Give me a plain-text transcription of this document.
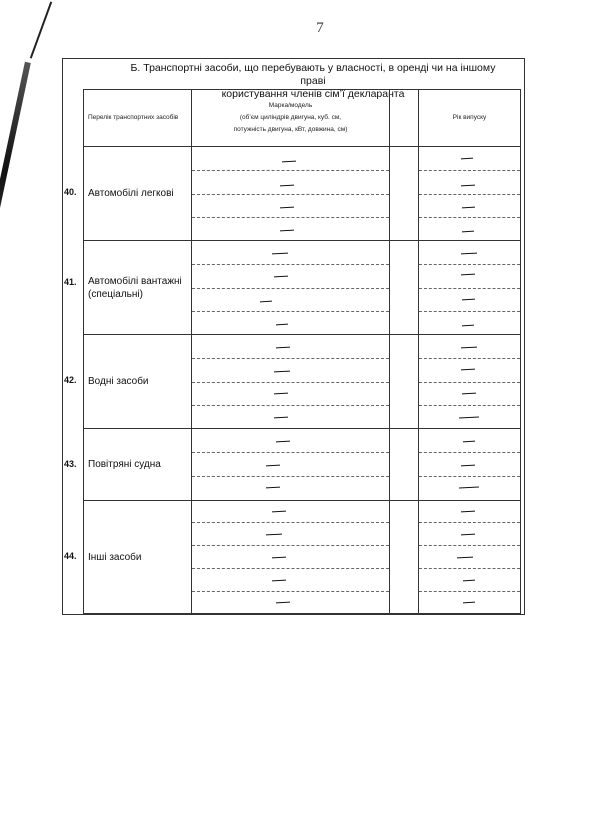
7
Б. Транспортні засоби, що перебувають у власності, в оренді чи на іншому праві
користування членів сім’ї декларанта
Перелік транспортних засобів	Марка/модель
(об’єм циліндрів двигуна, куб. см,
потужність двигуна, кВт, довжина, см)		Рік випуску

40. Автомобілі легкові			

41. Автомобілі вантажні (спеціальні)			

42. Водні засоби			

43. Повітряні судна			

44. Інші засоби			
